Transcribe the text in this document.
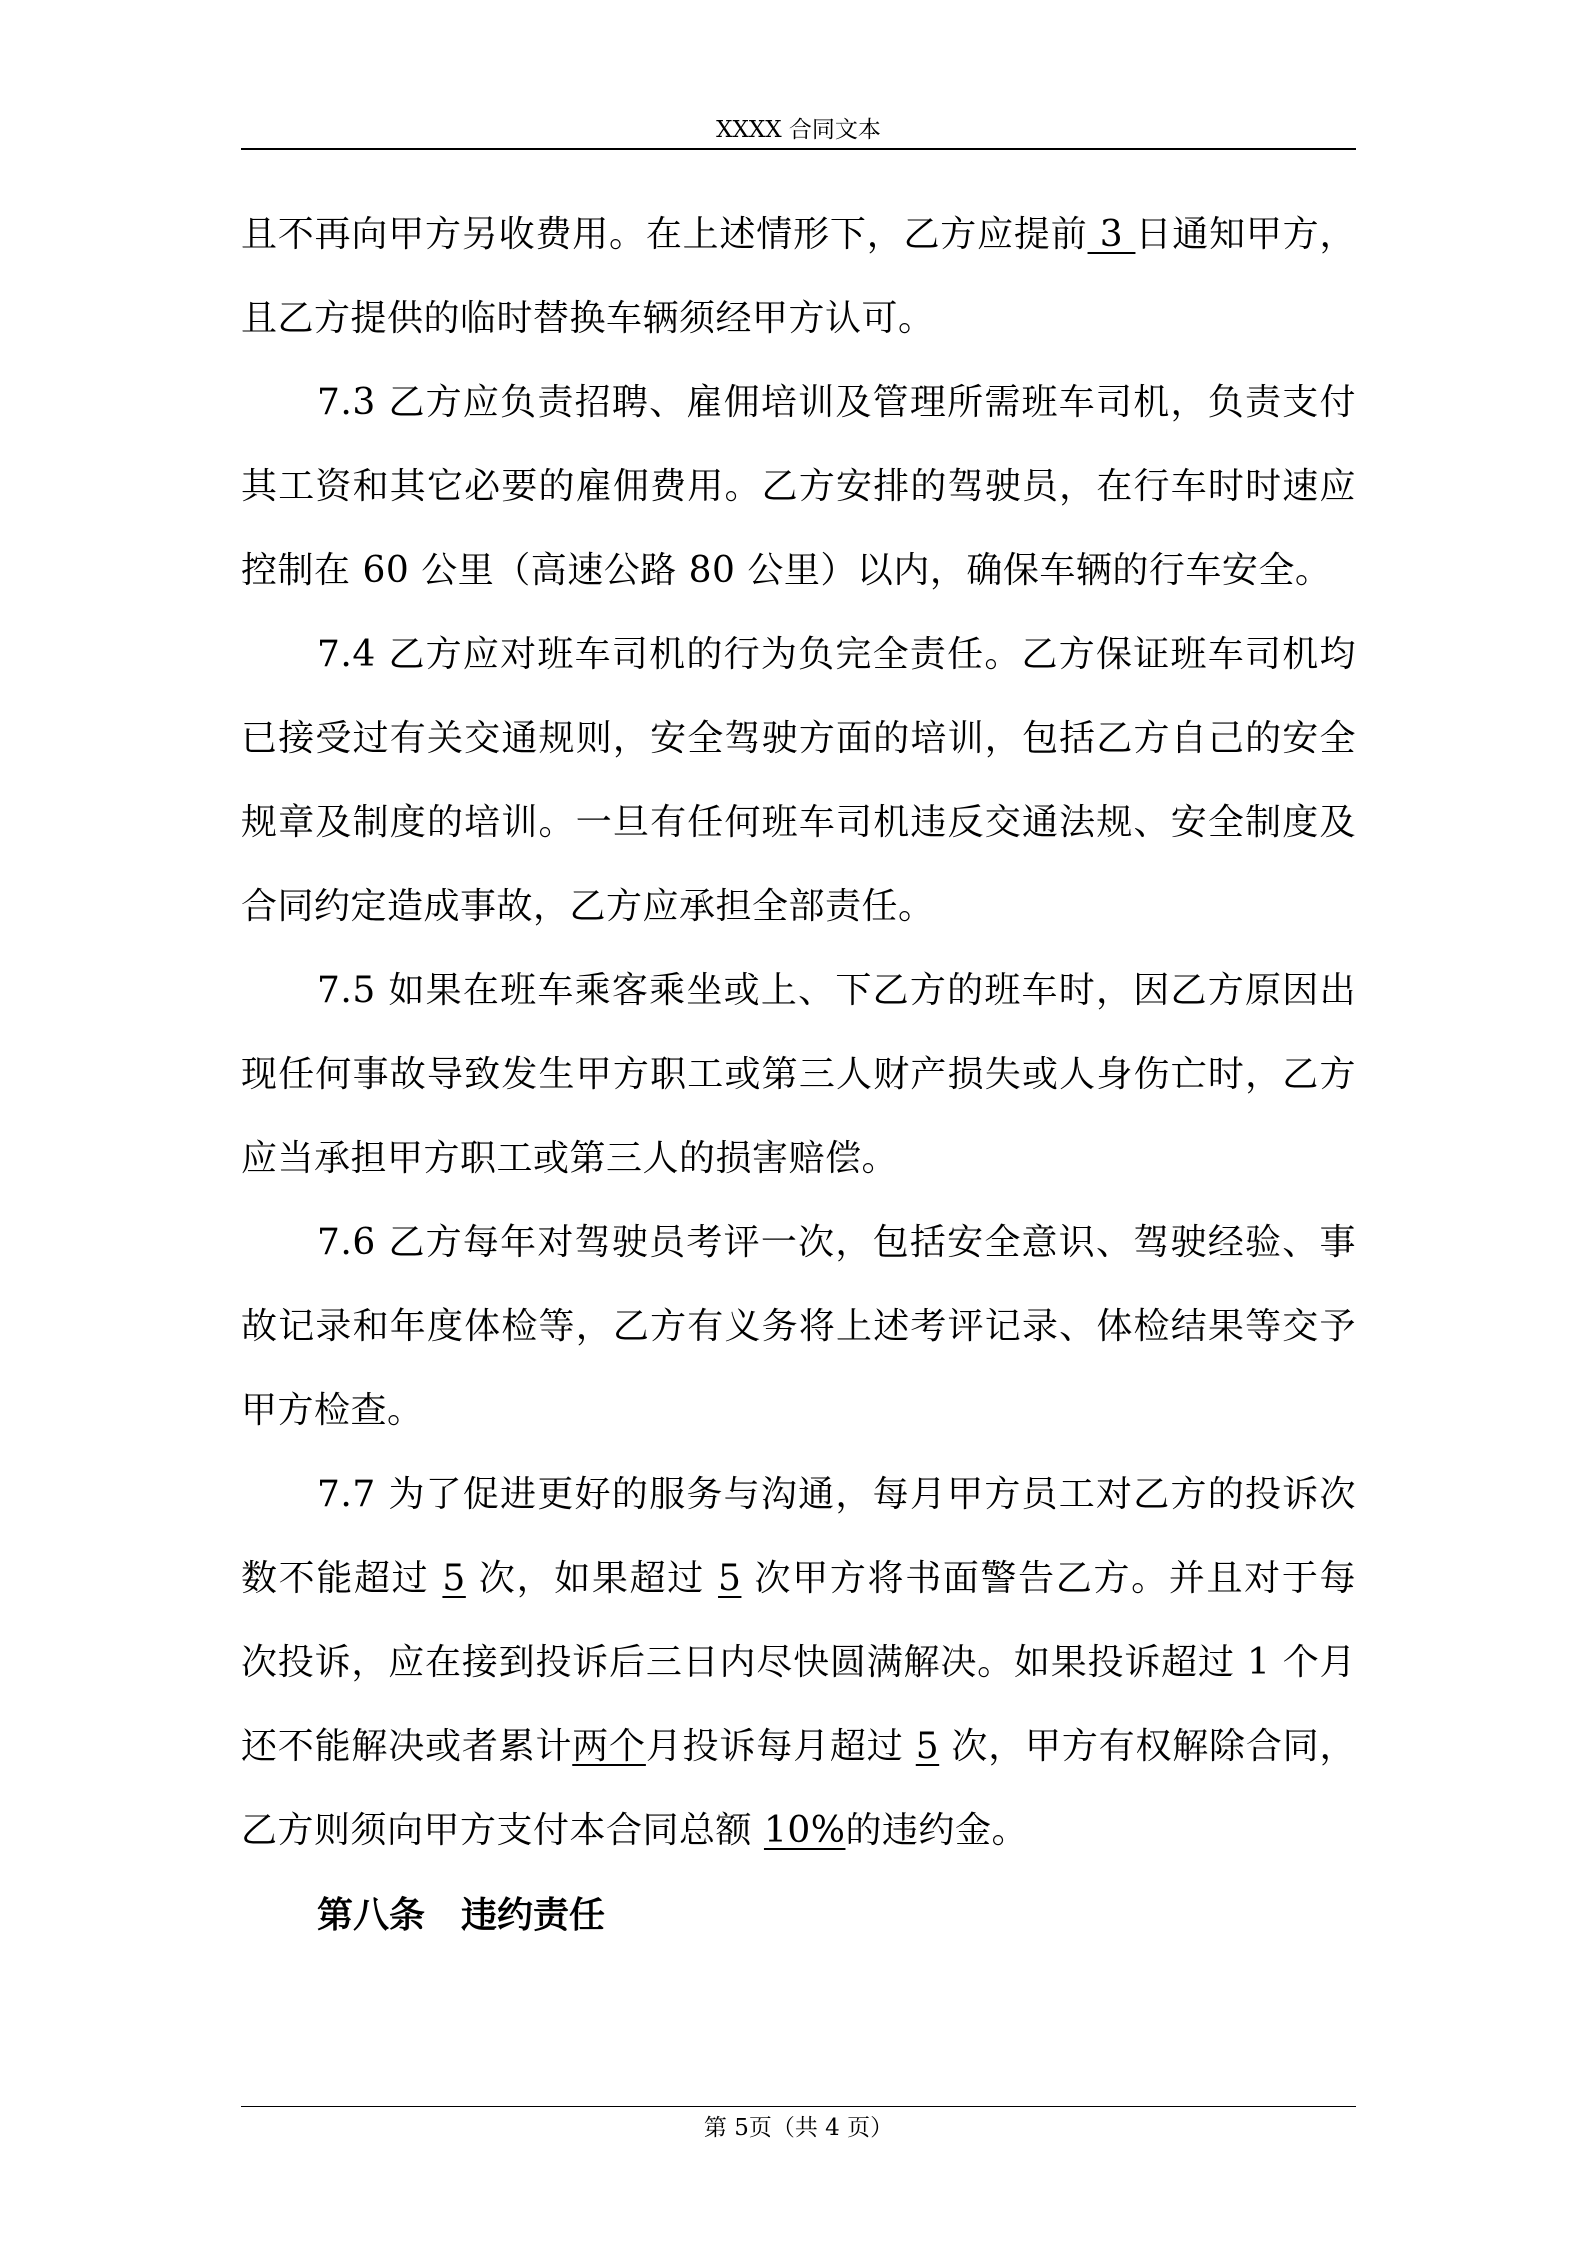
XXXX 合同文本

且不再向甲方另收费用。在上述情形下，乙方应提前 3 日通知甲方，且乙方提供的临时替换车辆须经甲方认可。

7.3 乙方应负责招聘、雇佣培训及管理所需班车司机，负责支付其工资和其它必要的雇佣费用。乙方安排的驾驶员，在行车时时速应控制在 60 公里（高速公路 80 公里）以内，确保车辆的行车安全。

7.4 乙方应对班车司机的行为负完全责任。乙方保证班车司机均已接受过有关交通规则，安全驾驶方面的培训，包括乙方自己的安全规章及制度的培训。一旦有任何班车司机违反交通法规、安全制度及合同约定造成事故，乙方应承担全部责任。

7.5 如果在班车乘客乘坐或上、下乙方的班车时，因乙方原因出现任何事故导致发生甲方职工或第三人财产损失或人身伤亡时，乙方应当承担甲方职工或第三人的损害赔偿。

7.6 乙方每年对驾驶员考评一次，包括安全意识、驾驶经验、事故记录和年度体检等，乙方有义务将上述考评记录、体检结果等交予甲方检查。

7.7 为了促进更好的服务与沟通，每月甲方员工对乙方的投诉次数不能超过 5 次，如果超过 5 次甲方将书面警告乙方。并且对于每次投诉，应在接到投诉后三日内尽快圆满解决。如果投诉超过 1 个月还不能解决或者累计两个月投诉每月超过 5 次，甲方有权解除合同，乙方则须向甲方支付本合同总额 10%的违约金。

第八条 违约责任

第 5页（共 4 页）
